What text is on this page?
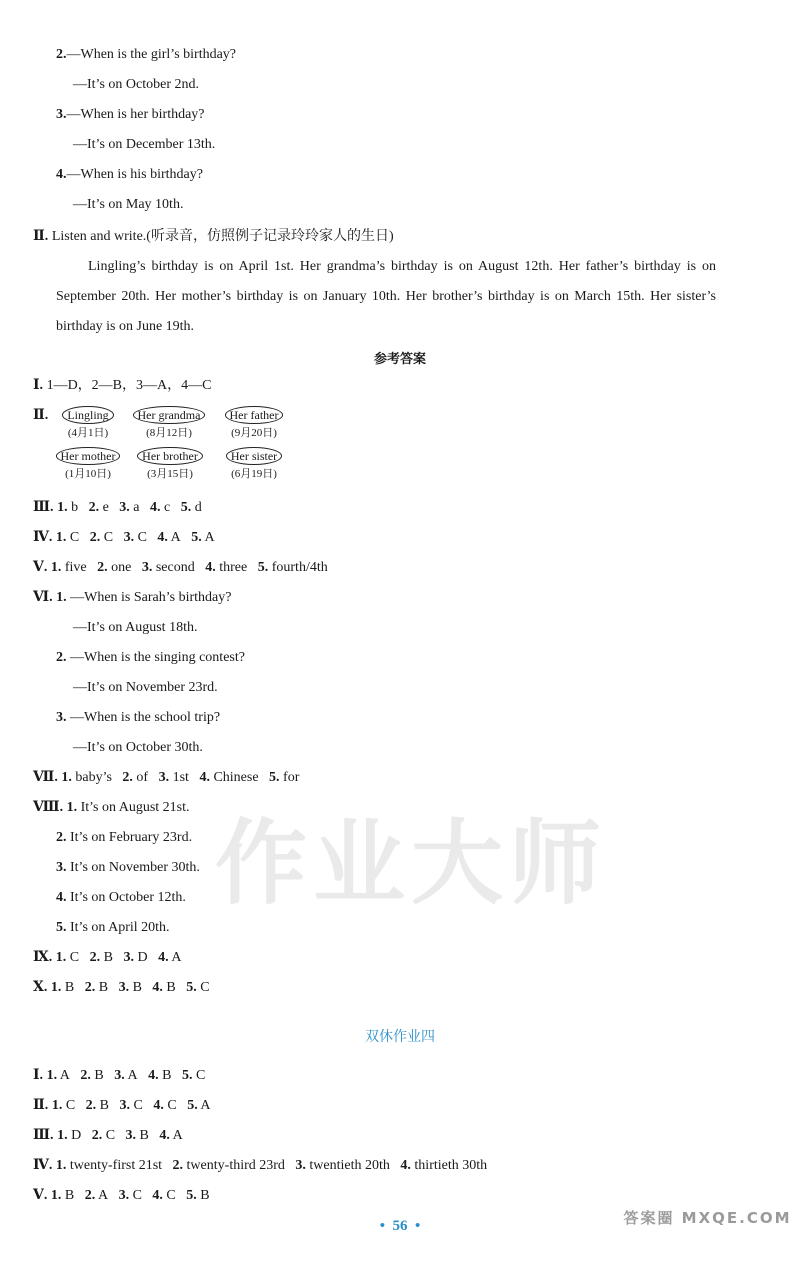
作业大师
2.—When is the girl’s birthday?
—It’s on October 2nd.
3.—When is her birthday?
—It’s on December 13th.
4.—When is his birthday?
—It’s on May 10th.
Ⅱ. Listen and write.(听录音，仿照例子记录玲玲家人的生日)
Lingling’s birthday is on April 1st. Her grandma’s birthday is on August 12th. Her father’s birthday is on September 20th. Her mother’s birthday is on January 10th. Her brother’s birthday is on March 15th. Her sister’s birthday is on June 19th.
参考答案
Ⅰ. 1—D，2—B，3—A，4—C
Ⅱ.	Lingling
(4月1日)
Her grandma
(8月12日)
Her father
(9月20日)
Her mother
(1月10日)
Her brother
(3月15日)
Her sister
(6月19日)
Ⅲ. 1. b 2. e 3. a 4. c 5. d
Ⅳ. 1. C 2. C 3. C 4. A 5. A
Ⅴ. 1. five 2. one 3. second 4. three 5. fourth/4th
Ⅵ. 1. —When is Sarah’s birthday?
—It’s on August 18th.
2. —When is the singing contest?
—It’s on November 23rd.
3. —When is the school trip?
—It’s on October 30th.
Ⅶ. 1. baby’s 2. of 3. 1st 4. Chinese 5. for
Ⅷ. 1. It’s on August 21st.
2. It’s on February 23rd.
3. It’s on November 30th.
4. It’s on October 12th.
5. It’s on April 20th.
Ⅸ. 1. C 2. B 3. D 4. A
Ⅹ. 1. B 2. B 3. B 4. B 5. C
双休作业四
Ⅰ. 1. A 2. B 3. A 4. B 5. C
Ⅱ. 1. C 2. B 3. C 4. C 5. A
Ⅲ. 1. D 2. C 3. B 4. A
Ⅳ. 1. twenty-first 21st 2. twenty-third 23rd 3. twentieth 20th 4. thirtieth 30th
Ⅴ. 1. B 2. A 3. C 4. C 5. B
•  56  •	答案圈 MXQE.COM
